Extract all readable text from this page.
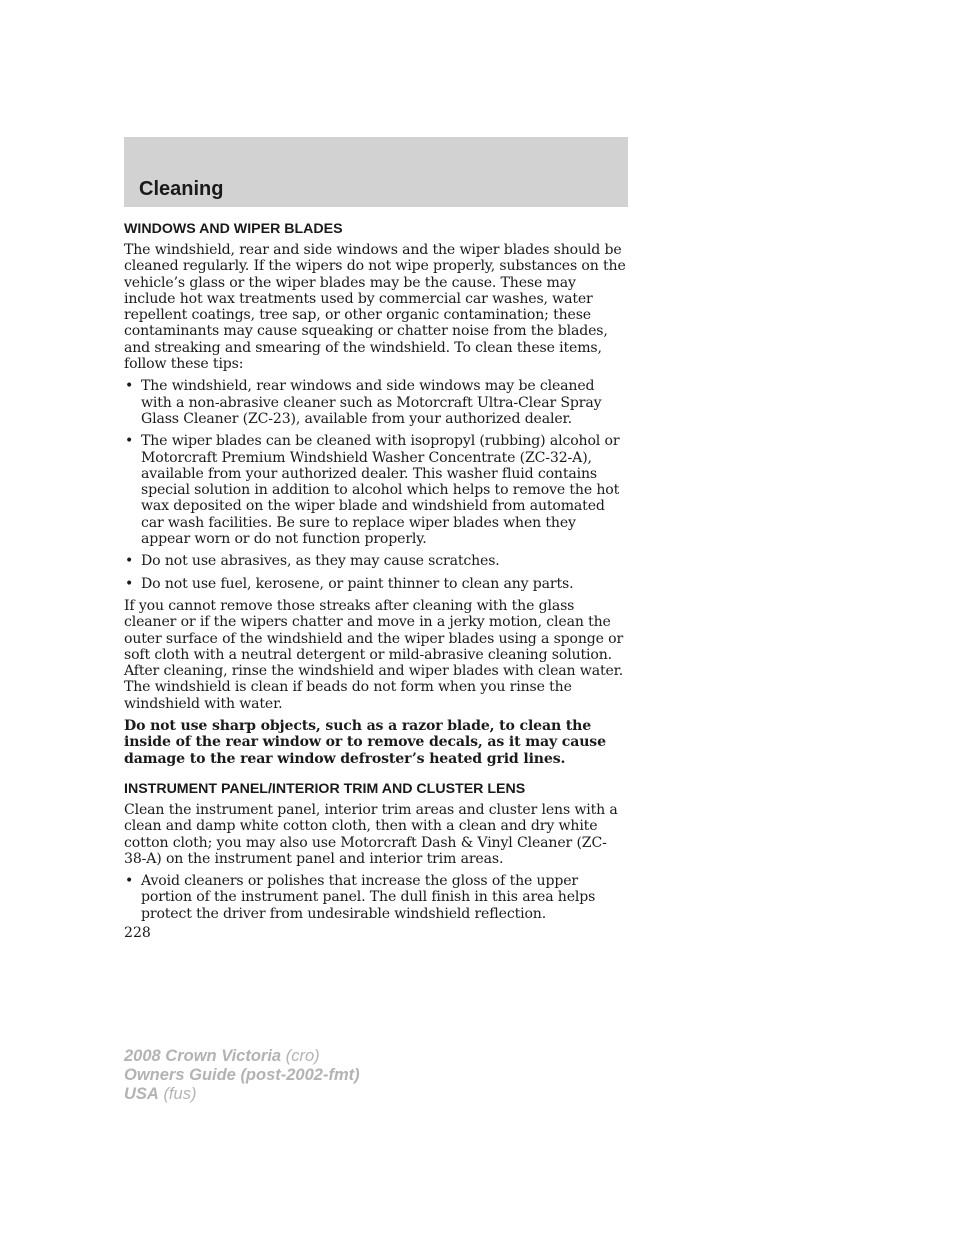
Cleaning
WINDOWS AND WIPER BLADES

The windshield, rear and side windows and the wiper blades should be cleaned regularly. If the wipers do not wipe properly, substances on the vehicle’s glass or the wiper blades may be the cause. These may include hot wax treatments used by commercial car washes, water repellent coatings, tree sap, or other organic contamination; these contaminants may cause squeaking or chatter noise from the blades, and streaking and smearing of the windshield. To clean these items, follow these tips:

• The windshield, rear windows and side windows may be cleaned with a non-abrasive cleaner such as Motorcraft Ultra-Clear Spray Glass Cleaner (ZC-23), available from your authorized dealer.
• The wiper blades can be cleaned with isopropyl (rubbing) alcohol or Motorcraft Premium Windshield Washer Concentrate (ZC-32-A), available from your authorized dealer. This washer fluid contains special solution in addition to alcohol which helps to remove the hot wax deposited on the wiper blade and windshield from automated car wash facilities. Be sure to replace wiper blades when they appear worn or do not function properly.
• Do not use abrasives, as they may cause scratches.
• Do not use fuel, kerosene, or paint thinner to clean any parts.

If you cannot remove those streaks after cleaning with the glass cleaner or if the wipers chatter and move in a jerky motion, clean the outer surface of the windshield and the wiper blades using a sponge or soft cloth with a neutral detergent or mild-abrasive cleaning solution. After cleaning, rinse the windshield and wiper blades with clean water. The windshield is clean if beads do not form when you rinse the windshield with water.

Do not use sharp objects, such as a razor blade, to clean the inside of the rear window or to remove decals, as it may cause damage to the rear window defroster’s heated grid lines.

INSTRUMENT PANEL/INTERIOR TRIM AND CLUSTER LENS

Clean the instrument panel, interior trim areas and cluster lens with a clean and damp white cotton cloth, then with a clean and dry white cotton cloth; you may also use Motorcraft Dash & Vinyl Cleaner (ZC-38-A) on the instrument panel and interior trim areas.

• Avoid cleaners or polishes that increase the gloss of the upper portion of the instrument panel. The dull finish in this area helps protect the driver from undesirable windshield reflection.
228
2008 Crown Victoria (cro)
Owners Guide (post-2002-fmt)
USA (fus)
